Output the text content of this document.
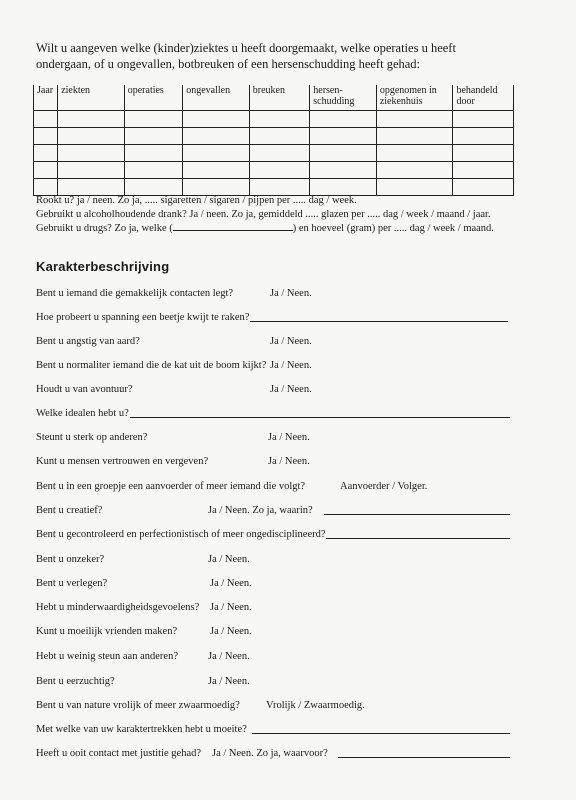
Wilt u aangeven welke (kinder)ziektes u heeft doorgemaakt, welke operaties u heeft
ondergaan, of u ongevallen, botbreuken of een hersenschudding heeft gehad:
Jaar	ziekten	operaties	ongevallen	breuken	hersen- schudding	opgenomen in ziekenhuis	behandeld door

Rookt u? ja / neen. Zo ja, ..... sigaretten / sigaren / pijpen per ..... dag / week.
Gebruikt u alcoholhoudende drank? Ja / neen. Zo ja, gemiddeld ..... glazen per ..... dag / week / maand / jaar.
Gebruikt u drugs? Zo ja, welke (	) en hoeveel (gram) per ..... dag / week / maand.
Karakterbeschrijving
Bent u iemand die gemakkelijk contacten legt?	Ja / Neen.
Hoe probeert u spanning een beetje kwijt te raken?
Bent u angstig van aard?	Ja / Neen.
Bent u normaliter iemand die de kat uit de boom kijkt? Ja / Neen.
Houdt u van avontuur?	Ja / Neen.
Welke idealen hebt u?
Steunt u sterk op anderen?	Ja / Neen.
Kunt u mensen vertrouwen en vergeven?	Ja / Neen.
Bent u in een groepje een aanvoerder of meer iemand die volgt?	Aanvoerder / Volger.
Bent u creatief?	Ja / Neen. Zo ja, waarin?
Bent u gecontroleerd en perfectionistisch of meer ongedisciplineerd?
Bent u onzeker?	Ja / Neen.
Bent u verlegen?	Ja / Neen.
Hebt u minderwaardigheidsgevoelens? Ja / Neen.
Kunt u moeilijk vrienden maken?	Ja / Neen.
Hebt u weinig steun aan anderen?	Ja / Neen.
Bent u eerzuchtig?	Ja / Neen.
Bent u van nature vrolijk of meer zwaarmoedig? Vrolijk / Zwaarmoedig.
Met welke van uw karaktertrekken hebt u moeite?
Heeft u ooit contact met justitie gehad? Ja / Neen. Zo ja, waarvoor?
